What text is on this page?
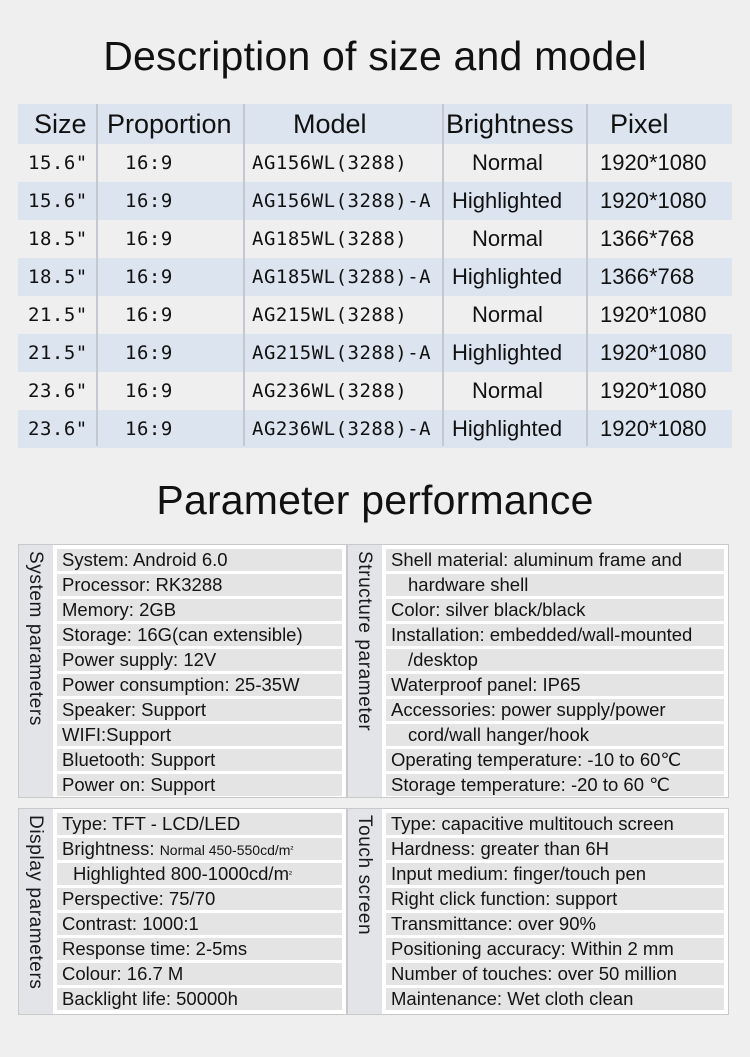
Description of size and model
Size Proportion Model	Brightness Pixel
15.6" 16:9	AG156WL(3288)	Normal	1920*1080
15.6" 16:9	AG156WL(3288)-A Highlighted 1920*1080
18.5" 16:9	AG185WL(3288)	Normal	1366*768
18.5" 16:9	AG185WL(3288)-A Highlighted 1366*768
21.5" 16:9	AG215WL(3288)	Normal	1920*1080
21.5" 16:9	AG215WL(3288)-A Highlighted 1920*1080
23.6" 16:9	AG236WL(3288)	Normal	1920*1080
23.6" 16:9	AG236WL(3288)-A Highlighted 1920*1080
Parameter performance
System parameters System: Android 6.0
Processor: RK3288
Memory: 2GB
Storage: 16G(can extensible)
Power supply: 12V
Power consumption: 25-35W
Speaker: Support
WIFI:Support
Bluetooth: Support
Power on: Support
Structure parameter Shell material: aluminum frame and
hardware shell
Color: silver black/black
Installation: embedded/wall-mounted
/desktop
Waterproof panel: IP65
Accessories: power supply/power
cord/wall hanger/hook
Operating temperature: -10 to 60℃
Storage temperature: -20 to 60 ℃
Display parameters Type: TFT - LCD/LED
Brightness: Normal $450-550cd/m^{^2}$
Highlighted $800-1000cd/m^{^2}$
Perspective: 75/70
Contrast: 1000:1
Response time: 2-5ms
Colour: 16.7 M
Backlight life: 50000h
Touch screen Type: capacitive multitouch screen
Hardness: greater than 6H
Input medium: finger/touch pen
Right click function: support
Transmittance: over 90%
Positioning accuracy: Within 2 mm
Number of touches: over 50 million
Maintenance: Wet cloth clean
